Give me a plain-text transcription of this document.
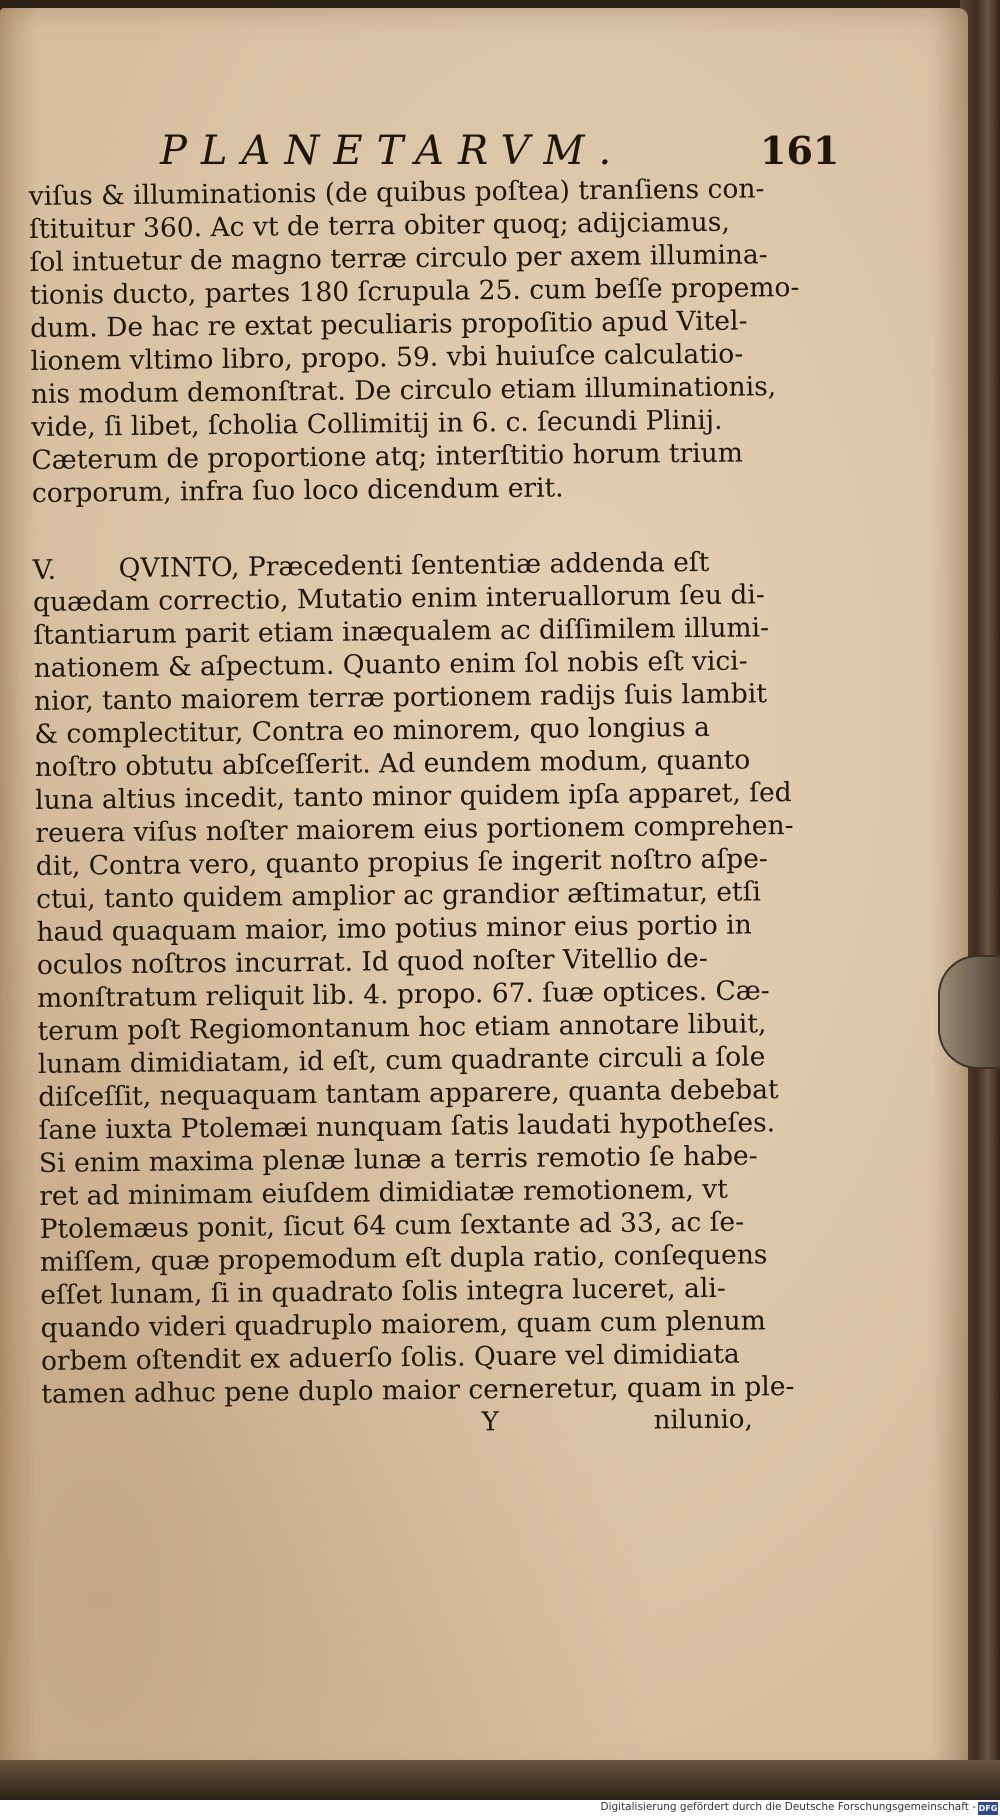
PLANETARVM.	161
viſus & illuminationis (de quibus poſtea) tranſiens con-
ſtituitur 360. Ac vt de terra obiter quoq; adijciamus,
ſol intuetur de magno terræ circulo per axem illumina-
tionis ducto, partes 180 ſcrupula 25. cum beſſe propemo-
dum. De hac re extat peculiaris propoſitio apud Vitel-
lionem vltimo libro, propo. 59. vbi huiuſce calculatio-
nis modum demonſtrat. De circulo etiam illuminationis,
vide, ſi libet, ſcholia Collimitij in 6. c. ſecundi Plinij.
Cæterum de proportione atq; interſtitio horum trium
corporum, infra ſuo loco dicendum erit.
V. QVINTO, Præcedenti ſententiæ addenda eſt
quædam correctio, Mutatio enim interuallorum ſeu di-
ſtantiarum parit etiam inæqualem ac diſſimilem illumi-
nationem & aſpectum. Quanto enim ſol nobis eſt vici-
nior, tanto maiorem terræ portionem radijs ſuis lambit
& complectitur, Contra eo minorem, quo longius a
noſtro obtutu abſceſſerit. Ad eundem modum, quanto
luna altius incedit, tanto minor quidem ipſa apparet, ſed
reuera viſus noſter maiorem eius portionem comprehen-
dit, Contra vero, quanto propius ſe ingerit noſtro aſpe-
ctui, tanto quidem amplior ac grandior æſtimatur, etſi
haud quaquam maior, imo potius minor eius portio in
oculos noſtros incurrat. Id quod noſter Vitellio de-
monſtratum reliquit lib. 4. propo. 67. ſuæ optices. Cæ-
terum poſt Regiomontanum hoc etiam annotare libuit,
lunam dimidiatam, id eſt, cum quadrante circuli a ſole
diſceſſit, nequaquam tantam apparere, quanta debebat
ſane iuxta Ptolemæi nunquam ſatis laudati hypotheſes.
Si enim maxima plenæ lunæ a terris remotio ſe habe-
ret ad minimam eiuſdem dimidiatæ remotionem, vt
Ptolemæus ponit, ſicut 64 cum ſextante ad 33, ac ſe-
miſſem, quæ propemodum eſt dupla ratio, conſequens
eſſet lunam, ſi in quadrato ſolis integra luceret, ali-
quando videri quadruplo maiorem, quam cum plenum
orbem oſtendit ex aduerſo ſolis. Quare vel dimidiata
tamen adhuc pene duplo maior cerneretur, quam in ple-
Y	nilunio,
Digitalisierung gefördert durch die Deutsche Forschungsgemeinschaft - DFG
